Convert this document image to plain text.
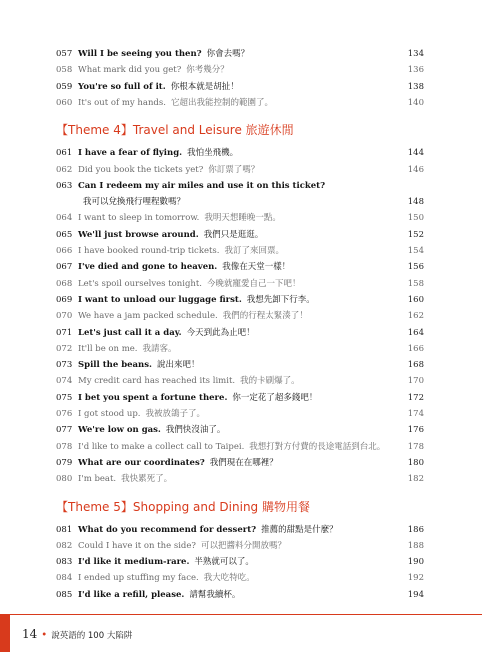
057 Will I be seeing you then? 你會去嗎？	134
058 What mark did you get? 你考幾分？	136
059 You're so full of it. 你根本就是胡扯！	138
060 It's out of my hands. 它超出我能控制的範圍了。	140
【Theme 4】Travel and Leisure 旅遊休閒
061 I have a fear of flying. 我怕坐飛機。	144
062 Did you book the tickets yet? 你訂票了嗎？	146
063 Can I redeem my air miles and use it on this ticket?
我可以兌換飛行哩程數嗎？	148
064 I want to sleep in tomorrow. 我明天想睡晚一點。	150
065 We'll just browse around. 我們只是逛逛。	152
066 I have booked round-trip tickets. 我訂了來回票。	154
067 I've died and gone to heaven. 我像在天堂一樣！	156
068 Let's spoil ourselves tonight. 今晚就寵愛自己一下吧！	158
069 I want to unload our luggage first. 我想先卸下行李。	160
070 We have a jam packed schedule. 我們的行程太緊湊了！	162
071 Let's just call it a day. 今天到此為止吧！	164
072 It'll be on me. 我請客。	166
073 Spill the beans. 說出來吧！	168
074 My credit card has reached its limit. 我的卡刷爆了。	170
075 I bet you spent a fortune there. 你一定花了超多錢吧！	172
076 I got stood up. 我被放鴿子了。	174
077 We're low on gas. 我們快沒油了。	176
078 I'd like to make a collect call to Taipei. 我想打對方付費的長途電話到台北。	178
079 What are our coordinates? 我們現在在哪裡？	180
080 I'm beat. 我快累死了。	182
【Theme 5】Shopping and Dining 購物用餐
081 What do you recommend for dessert? 推薦的甜點是什麼？	186
082 Could I have it on the side? 可以把醬料分開放嗎？	188
083 I'd like it medium-rare. 半熟就可以了。	190
084 I ended up stuffing my face. 我大吃特吃。	192
085 I'd like a refill, please. 請幫我續杯。	194
14 • 說英語的 100 大陷阱
